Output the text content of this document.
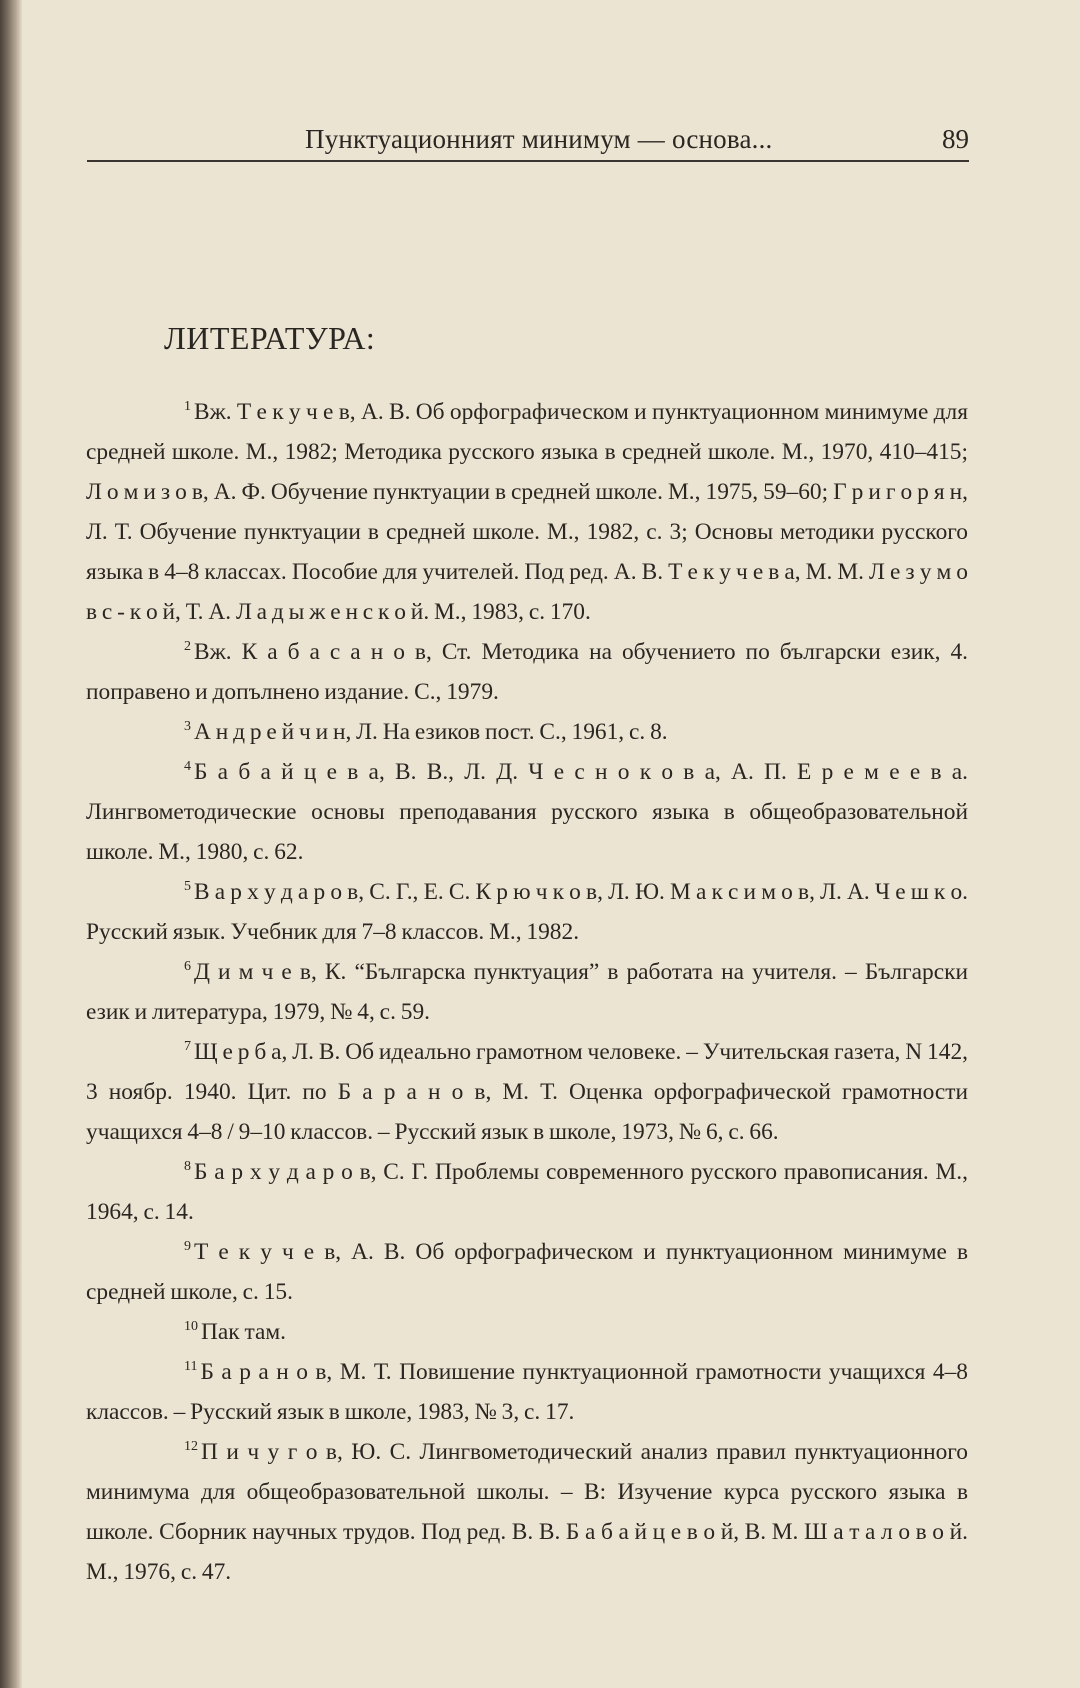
Пунктуационният минимум — основа...	89
ЛИТЕРАТУРА:

$^1$ Вж. Т е к у ч е в, А. В. Об орфографическом и пунктуационном минимуме для средней школе. М., 1982; Методика русского языка в средней школе. М., 1970, 410–415; Л о м и з о в, А. Ф. Обучение пунктуации в средней школе. М., 1975, 59–60; Г р и г о р я н, Л. Т. Обучение пунктуации в средней школе. М., 1982, с. 3; Основы методики русского языка в 4–8 классах. Пособие для учителей. Под ред. А. В. Т е к у ч е в а, М. М. Л е з у м о в с - к о й, Т. А. Л а д ы ж е н с к о й. М., 1983, с. 170.

$^2$ Вж. К а б а с а н о в, Ст. Методика на обучението по български език, 4. поправено и допълнено издание. С., 1979.

$^3$ А н д р е й ч и н, Л. На езиков пост. С., 1961, с. 8.

$^4$ Б а б а й ц е в а, В. В., Л. Д. Ч е с н о к о в а, А. П. Е р е м е е в а. Лингвометодические основы преподавания русского языка в общеобразовательной школе. М., 1980, с. 62.

$^5$ В а р х у д а р о в, С. Г., Е. С. К р ю ч к о в, Л. Ю. М а к с и м о в, Л. А. Ч е ш к о. Русский язык. Учебник для 7–8 классов. М., 1982.

$^6$ Д и м ч е в, К. “Българска пунктуация” в работата на учителя. – Български език и литература, 1979, № 4, с. 59.

$^7$ Щ е р б а, Л. В. Об идеально грамотном человеке. – Учительская газета, N 142, 3 ноябр. 1940. Цит. по Б а р а н о в, М. Т. Оценка орфографической грамотности учащихся 4–8 / 9–10 классов. – Русский язык в школе, 1973, № 6, с. 66.

$^8$ Б а р х у д а р о в, С. Г. Проблемы современного русского правописания. М., 1964, с. 14.

$^9$ Т е к у ч е в, А. В. Об орфографическом и пунктуационном минимуме в средней школе, с. 15.

$^{10}$ Пак там.

$^{11}$ Б а р а н о в, М. Т. Повишение пунктуационной грамотности учащихся 4–8 классов. – Русский язык в школе, 1983, № 3, с. 17.

$^{12}$ П и ч у г о в, Ю. С. Лингвометодический анализ правил пунктуационного минимума для общеобразовательной школы. – В: Изучение курса русского языка в школе. Сборник научных трудов. Под ред. В. В. Б а б а й ц е в о й, В. М. Ш а т а л о в о й. М., 1976, с. 47.
